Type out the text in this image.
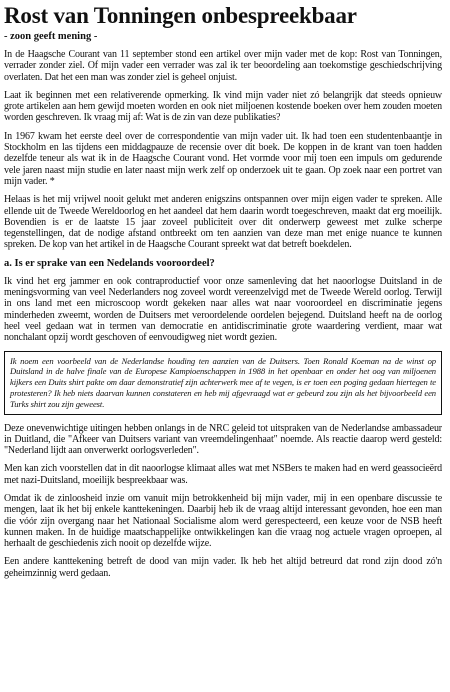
Rost van Tonningen onbespreekbaar
- zoon geeft mening -

In de Haagsche Courant van 11 september stond een artikel over mijn vader met de kop: Rost van Tonningen, verrader zonder ziel. Of mijn vader een verrader was zal ik ter beoordeling aan toekomstige geschiedschrijving overlaten. Dat het een man was zonder ziel is geheel onjuist.

Laat ik beginnen met een relativerende opmerking. Ik vind mijn vader niet zó belangrijk dat steeds opnieuw grote artikelen aan hem gewijd moeten worden en ook niet miljoenen kostende boeken over hem zouden moeten worden geschreven. Ik vraag mij af: Wat is de zin van deze publikaties?

In 1967 kwam het eerste deel over de correspondentie van mijn vader uit. Ik had toen een studentenbaantje in Stockholm en las tijdens een middagpauze de recensie over dit boek. De koppen in de krant van toen hadden dezelfde teneur als wat ik in de Haagsche Courant vond. Het vormde voor mij toen een impuls om gedurende vele jaren naast mijn studie en later naast mijn werk zelf op onderzoek uit te gaan. Op zoek naar een portret van mijn vader. *

Helaas is het mij vrijwel nooit gelukt met anderen enigszins ontspannen over mijn eigen vader te spreken. Alle ellende uit de Tweede Wereldoorlog en het aandeel dat hem daarin wordt toegeschreven, maakt dat erg moeilijk. Bovendien is er de laatste 15 jaar zoveel publiciteit over dit onderwerp geweest met zulke scherpe tegenstellingen, dat de nodige afstand ontbreekt om ten aanzien van deze man met enige nuance te kunnen spreken. De kop van het artikel in de Haagsche Courant spreekt wat dat betreft boekdelen.

a. Is er sprake van een Nedelands vooroordeel?

Ik vind het erg jammer en ook contraproductief voor onze samenleving dat het naoorlogse Duitsland in de meningsvorming van veel Nederlanders nog zoveel wordt vereenzelvigd met de Tweede Wereld oorlog. Terwijl in ons land met een microscoop wordt gekeken naar alles wat naar vooroordeel en discriminatie jegens minderheden zweemt, worden de Duitsers met veroordelende oordelen bejegend. Duitsland heeft na de oorlog heel veel gedaan wat in termen van democratie en antidiscriminatie grote waardering verdient, maar wat nonchalant opzij wordt geschoven of eenvoudigweg niet wordt gezien.

Ik noem een voorbeeld van de Nederlandse houding ten aanzien van de Duitsers. Toen Ronald Koeman na de winst op Duitsland in de halve finale van de Europese Kampioenschappen in 1988 in het openbaar en onder het oog van miljoenen kijkers een Duits shirt pakte om daar demonstratief zijn achterwerk mee af te vegen, is er toen een poging gedaan hiertegen te protesteren? Ik heb niets daarvan kunnen constateren en heb mij afgevraagd wat er gebeurd zou zijn als het bijvoorbeeld een Turks shirt zou zijn geweest.

Deze onevenwichtige uitingen hebben onlangs in de NRC geleid tot uitspraken van de Nederlandse ambassadeur in Duitland, die "Afkeer van Duitsers variant van vreemdelingenhaat" noemde. Als reactie daarop werd gesteld: "Nederland lijdt aan onverwerkt oorlogsverleden".

Men kan zich voorstellen dat in dit naoorlogse klimaat alles wat met NSBers te maken had en werd geassocieërd met nazi-Duitsland, moeilijk bespreekbaar was.

Omdat ik de zinloosheid inzie om vanuit mijn betrokkenheid bij mijn vader, mij in een openbare discussie te mengen, laat ik het bij enkele kanttekeningen. Daarbij heb ik de vraag altijd interessant gevonden, hoe een man die vóór zijn overgang naar het Nationaal Socialisme alom werd gerespecteerd, een keuze voor de NSB heeft kunnen maken. In de huidige maatschappelijke ontwikkelingen kan die vraag nog actuele vragen oproepen, al herhaalt de geschiedenis zich nooit op dezelfde wijze.

Een andere kanttekening betreft de dood van mijn vader. Ik heb het altijd betreurd dat rond zijn dood zó'n geheimzinnig werd gedaan.
